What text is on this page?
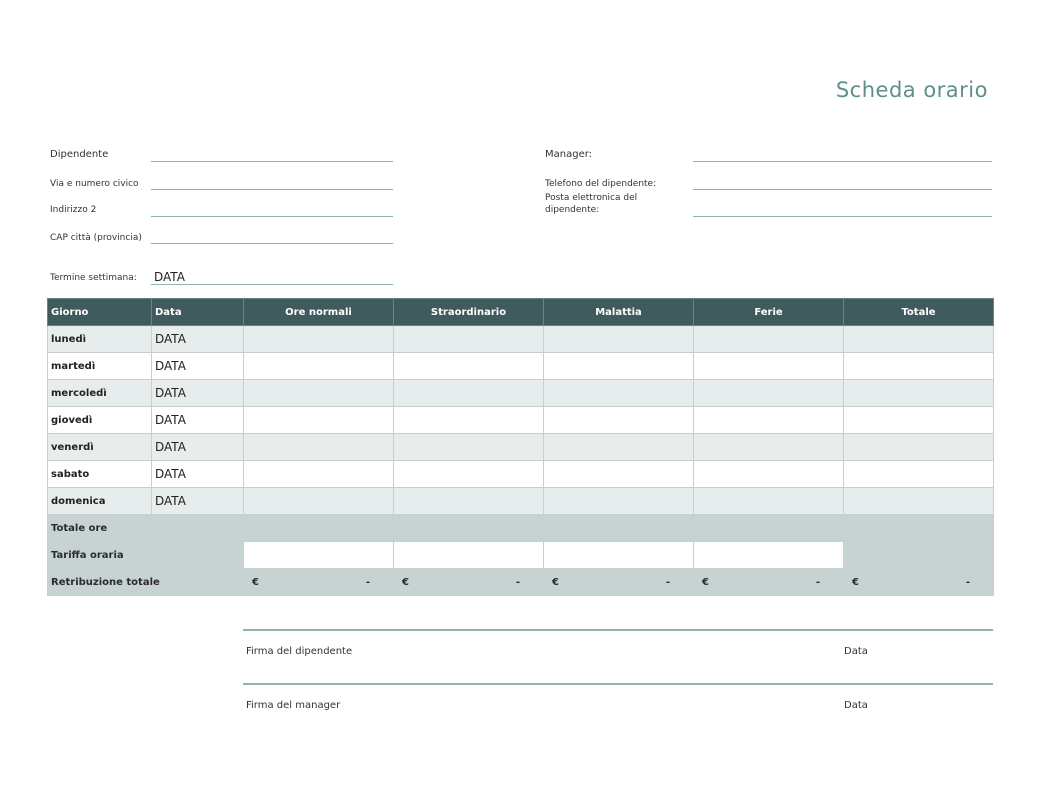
Scheda orario
Dipendente
Via e numero civico
Indirizzo 2
CAP città (provincia)
Termine settimana: DATA
Manager:
Telefono del dipendente:
Posta elettronica del
dipendente:
Giorno	Data	Ore normali	Straordinario	Malattia	Ferie	Totale
lunedì	DATA					
martedì	DATA					
mercoledì	DATA					
giovedì	DATA					
venerdì	DATA					
sabato	DATA					
domenica	DATA					
Totale ore						
Tariffa oraria						
Retribuzione totale		€ -	€ -	€ -	€ -	€ -
Firma del dipendente	Data
Firma del manager	Data
